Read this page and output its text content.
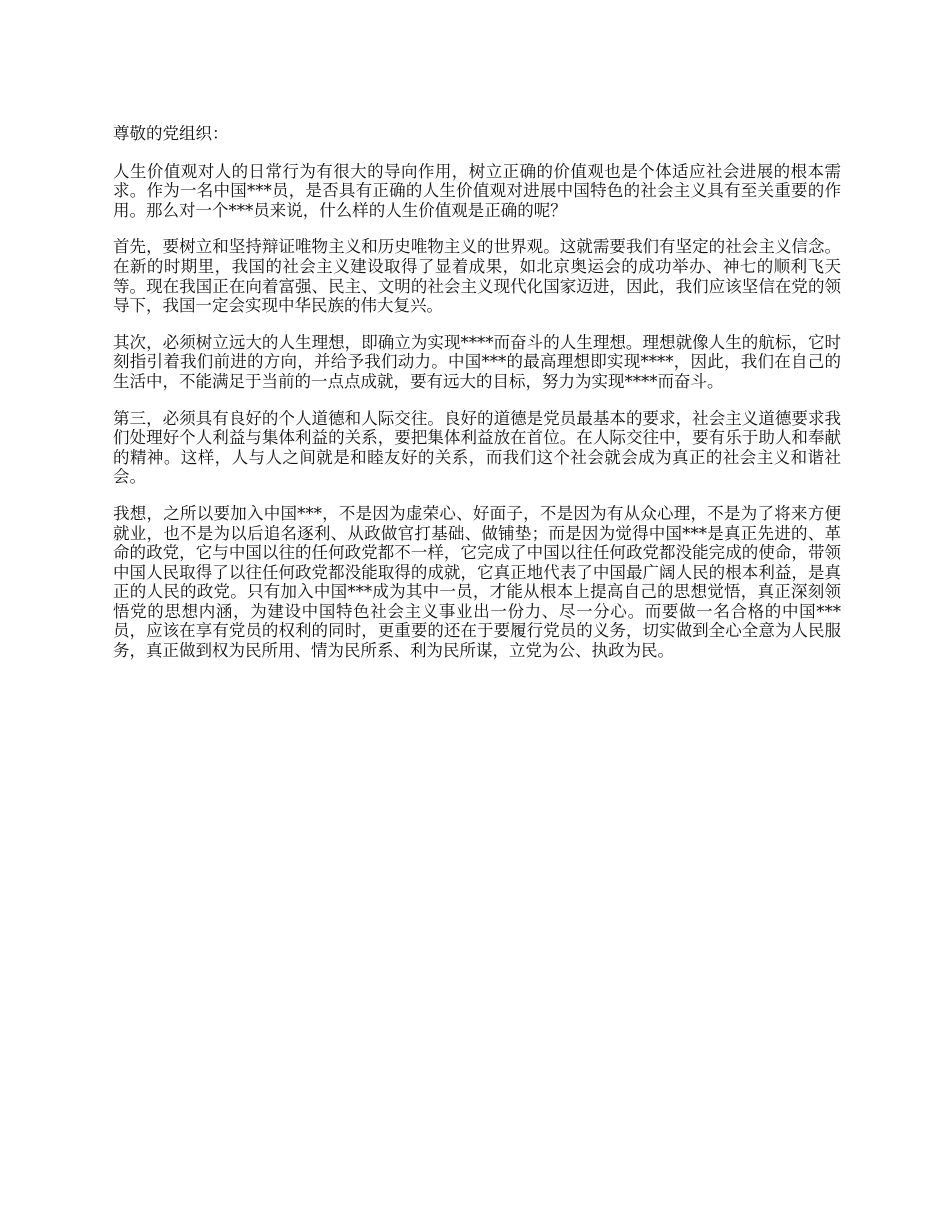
尊敬的党组织：

人生价值观对人的日常行为有很大的导向作用，树立正确的价值观也是个体适应社会进展的根本需求。作为一名中国***员，是否具有正确的人生价值观对进展中国特色的社会主义具有至关重要的作用。那么对一个***员来说，什么样的人生价值观是正确的呢？

首先，要树立和坚持辩证唯物主义和历史唯物主义的世界观。这就需要我们有坚定的社会主义信念。在新的时期里，我国的社会主义建设取得了显着成果，如北京奥运会的成功举办、神七的顺利飞天等。现在我国正在向着富强、民主、文明的社会主义现代化国家迈进，因此，我们应该坚信在党的领导下，我国一定会实现中华民族的伟大复兴。

其次，必须树立远大的人生理想，即确立为实现****而奋斗的人生理想。理想就像人生的航标，它时刻指引着我们前进的方向，并给予我们动力。中国***的最高理想即实现****，因此，我们在自己的生活中，不能满足于当前的一点点成就，要有远大的目标，努力为实现****而奋斗。

第三，必须具有良好的个人道德和人际交往。良好的道德是党员最基本的要求，社会主义道德要求我们处理好个人利益与集体利益的关系，要把集体利益放在首位。在人际交往中，要有乐于助人和奉献的精神。这样，人与人之间就是和睦友好的关系，而我们这个社会就会成为真正的社会主义和谐社会。

我想，之所以要加入中国***，不是因为虚荣心、好面子，不是因为有从众心理，不是为了将来方便就业，也不是为以后追名逐利、从政做官打基础、做铺垫；而是因为觉得中国***是真正先进的、革命的政党，它与中国以往的任何政党都不一样，它完成了中国以往任何政党都没能完成的使命，带领中国人民取得了以往任何政党都没能取得的成就，它真正地代表了中国最广阔人民的根本利益，是真正的人民的政党。只有加入中国***成为其中一员，才能从根本上提高自己的思想觉悟，真正深刻领悟党的思想内涵，为建设中国特色社会主义事业出一份力、尽一分心。而要做一名合格的中国***员，应该在享有党员的权利的同时，更重要的还在于要履行党员的义务，切实做到全心全意为人民服务，真正做到权为民所用、情为民所系、利为民所谋，立党为公、执政为民。
